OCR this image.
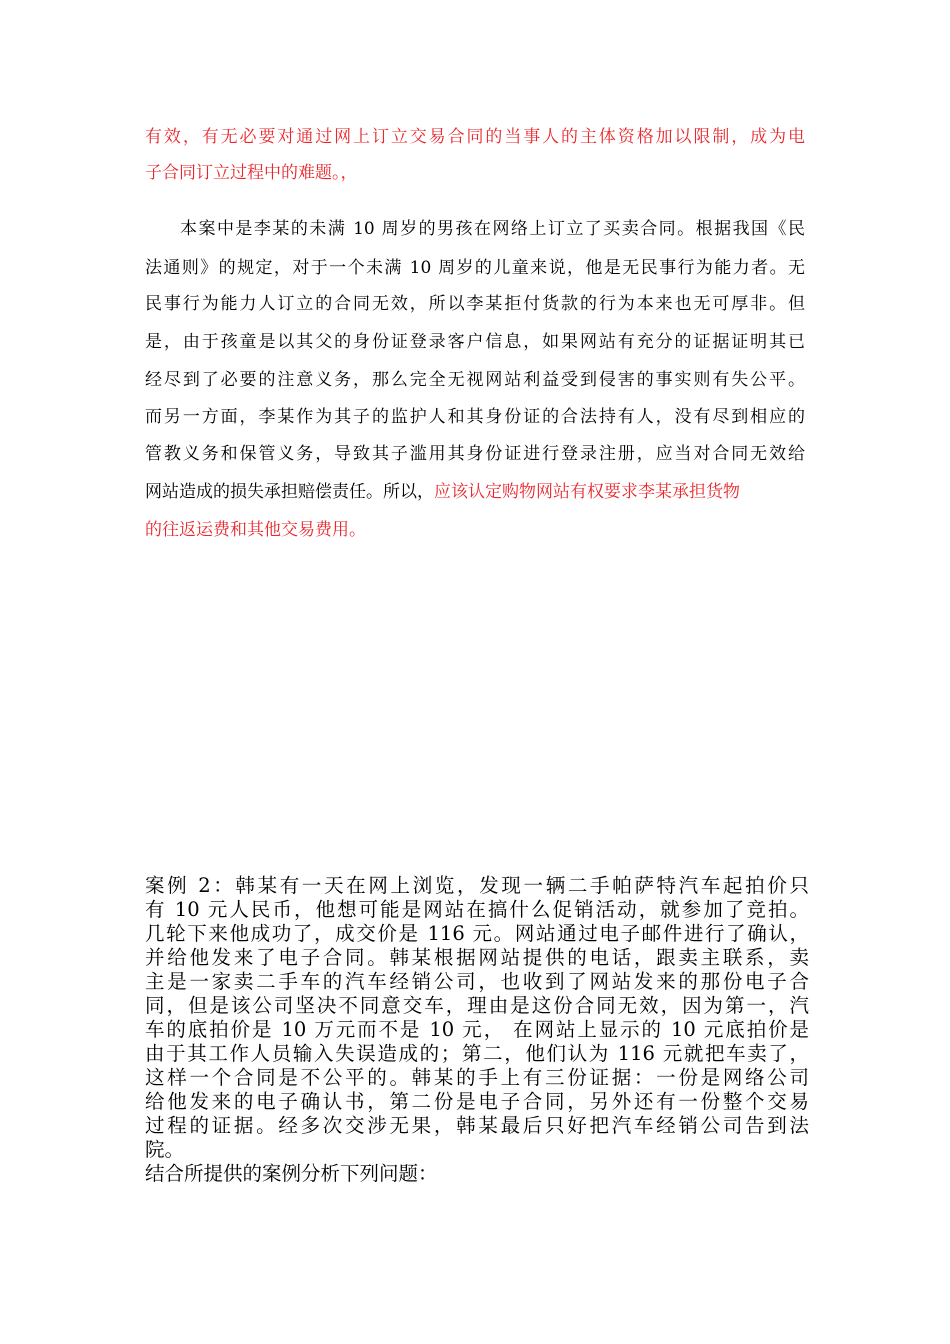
有效，有无必要对通过网上订立交易合同的当事人的主体资格加以限制，成为电
子合同订立过程中的难题。，
本案中是李某的未满 10 周岁的男孩在网络上订立了买卖合同。根据我国《民
法通则》的规定，对于一个未满 10 周岁的儿童来说，他是无民事行为能力者。无
民事行为能力人订立的合同无效，所以李某拒付货款的行为本来也无可厚非。但
是，由于孩童是以其父的身份证登录客户信息，如果网站有充分的证据证明其已
经尽到了必要的注意义务，那么完全无视网站利益受到侵害的事实则有失公平。
而另一方面，李某作为其子的监护人和其身份证的合法持有人，没有尽到相应的
管教义务和保管义务，导致其子滥用其身份证进行登录注册，应当对合同无效给
网站造成的损失承担赔偿责任。所以，应该认定购物网站有权要求李某承担货物
的往返运费和其他交易费用。
案例 2：韩某有一天在网上浏览，发现一辆二手帕萨特汽车起拍价只
有 10 元人民币，他想可能是网站在搞什么促销活动，就参加了竞拍。
几轮下来他成功了，成交价是 116 元。网站通过电子邮件进行了确认，
并给他发来了电子合同。韩某根据网站提供的电话，跟卖主联系，卖
主是一家卖二手车的汽车经销公司，也收到了网站发来的那份电子合
同，但是该公司坚决不同意交车，理由是这份合同无效，因为第一，汽
车的底拍价是 10 万元而不是 10 元， 在网站上显示的 10 元底拍价是
由于其工作人员输入失误造成的；第二，他们认为 116 元就把车卖了，
这样一个合同是不公平的。韩某的手上有三份证据：一份是网络公司
给他发来的电子确认书，第二份是电子合同，另外还有一份整个交易
过程的证据。经多次交涉无果，韩某最后只好把汽车经销公司告到法
院。
结合所提供的案例分析下列问题：
